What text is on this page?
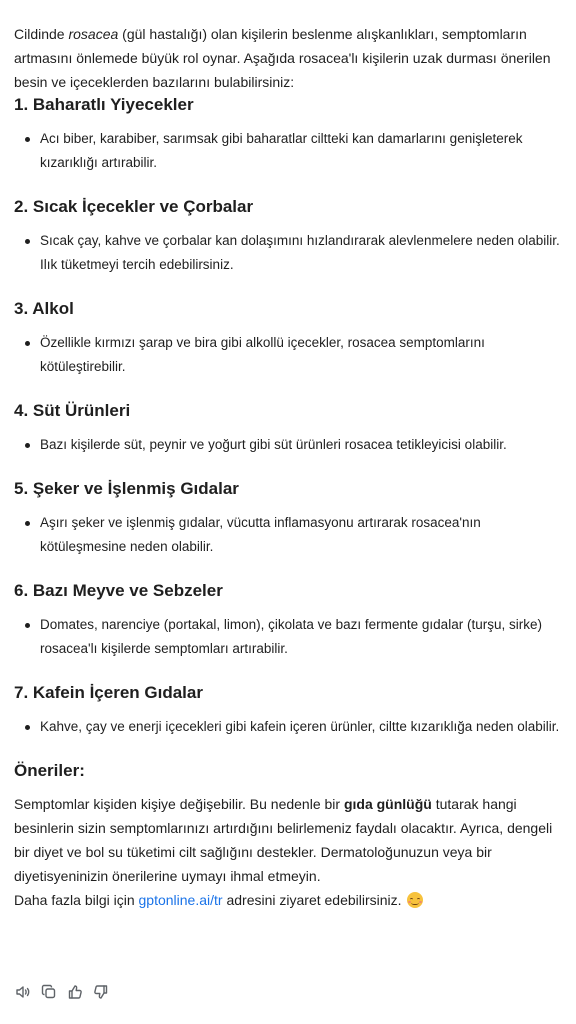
Cildinde rosacea (gül hastalığı) olan kişilerin beslenme alışkanlıkları, semptomların artmasını önlemede büyük rol oynar. Aşağıda rosacea'lı kişilerin uzak durması önerilen besin ve içeceklerden bazılarını bulabilirsiniz:

1. Baharatlı Yiyecekler
Acı biber, karabiber, sarımsak gibi baharatlar ciltteki kan damarlarını genişleterek kızarıklığı artırabilir.
2. Sıcak İçecekler ve Çorbalar
Sıcak çay, kahve ve çorbalar kan dolaşımını hızlandırarak alevlenmelere neden olabilir. Ilık tüketmeyi tercih edebilirsiniz.
3. Alkol
Özellikle kırmızı şarap ve bira gibi alkollü içecekler, rosacea semptomlarını kötüleştirebilir.
4. Süt Ürünleri
Bazı kişilerde süt, peynir ve yoğurt gibi süt ürünleri rosacea tetikleyicisi olabilir.
5. Şeker ve İşlenmiş Gıdalar
Aşırı şeker ve işlenmiş gıdalar, vücutta inflamasyonu artırarak rosacea'nın kötüleşmesine neden olabilir.
6. Bazı Meyve ve Sebzeler
Domates, narenciye (portakal, limon), çikolata ve bazı fermente gıdalar (turşu, sirke) rosacea'lı kişilerde semptomları artırabilir.
7. Kafein İçeren Gıdalar
Kahve, çay ve enerji içecekleri gibi kafein içeren ürünler, ciltte kızarıklığa neden olabilir.
Öneriler:

Semptomlar kişiden kişiye değişebilir. Bu nedenle bir gıda günlüğü tutarak hangi besinlerin sizin semptomlarınızı artırdığını belirlemeniz faydalı olacaktır. Ayrıca, dengeli bir diyet ve bol su tüketimi cilt sağlığını destekler. Dermatoloğunuzun veya bir diyetisyeninizin önerilerine uymayı ihmal etmeyin.

Daha fazla bilgi için gptonline.ai/tr adresini ziyaret edebilirsiniz.
